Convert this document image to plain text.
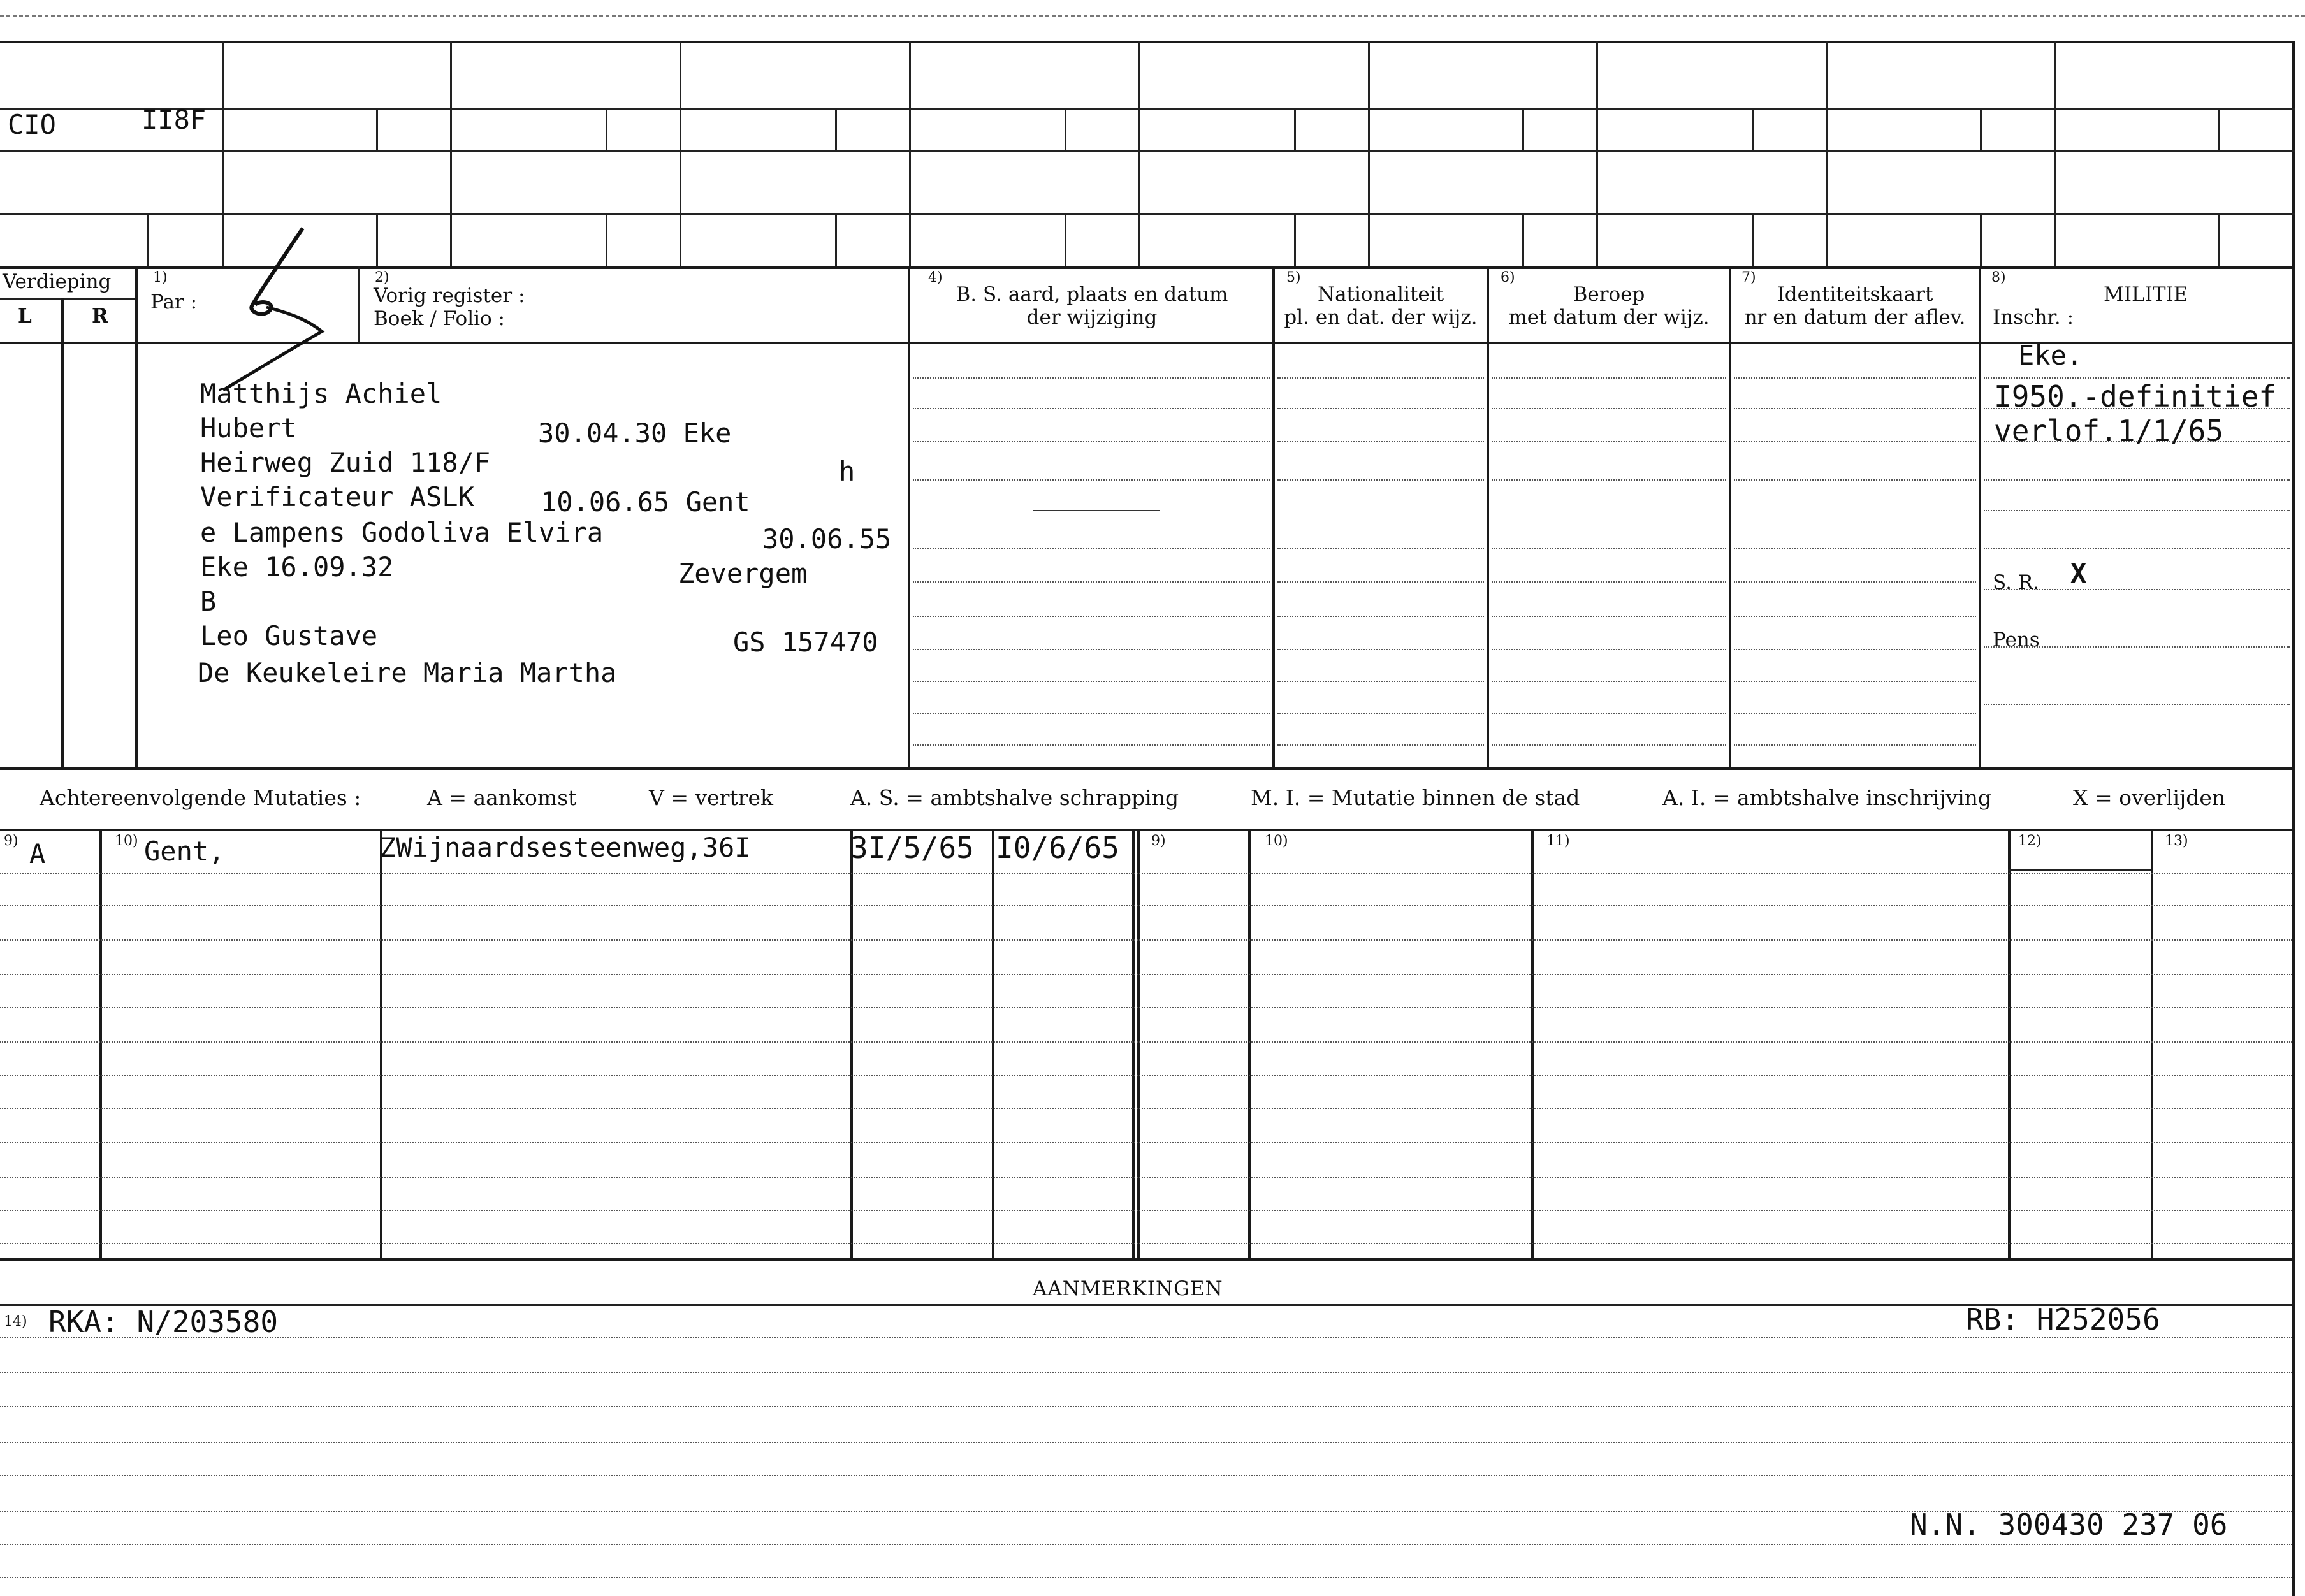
CIO	II8F
Verdieping
L	R
1)
Par :
2)
Vorig register :
Boek / Folio :
4)
B. S. aard, plaats en datum
der wijziging
5)
Nationaliteit
pl. en dat. der wijz.
6)
Beroep
met datum der wijz.
7)
Identiteitskaart
nr en datum der aflev.
8)
MILITIE
Inschr. :
Matthijs Achiel
Hubert	30.04.30 Eke
Heirweg Zuid 118/F	h
Verificateur ASLK 10.06.65 Gent
e Lampens Godoliva Elvira	30.06.55
Eke 16.09.32	Zevergem
B
Leo Gustave	GS 157470
De Keukeleire Maria Martha
Eke.
I950.-definitief
verlof.1/1/65
S. R. X
Pens
Achtereenvolgende Mutaties :	A = aankomst	V = vertrek	A. S. = ambtshalve schrapping	M. I. = Mutatie binnen de stad	A. I. = ambtshalve inschrijving	X = overlijden
9)	10)	9)	10)	11)	12)	13)
A	Gent,	ZWijnaardsesteenweg,36I	3I/5/65 I0/6/65
AANMERKINGEN
14) RKA: N/203580	RB: H252056
N.N. 300430 237 06
